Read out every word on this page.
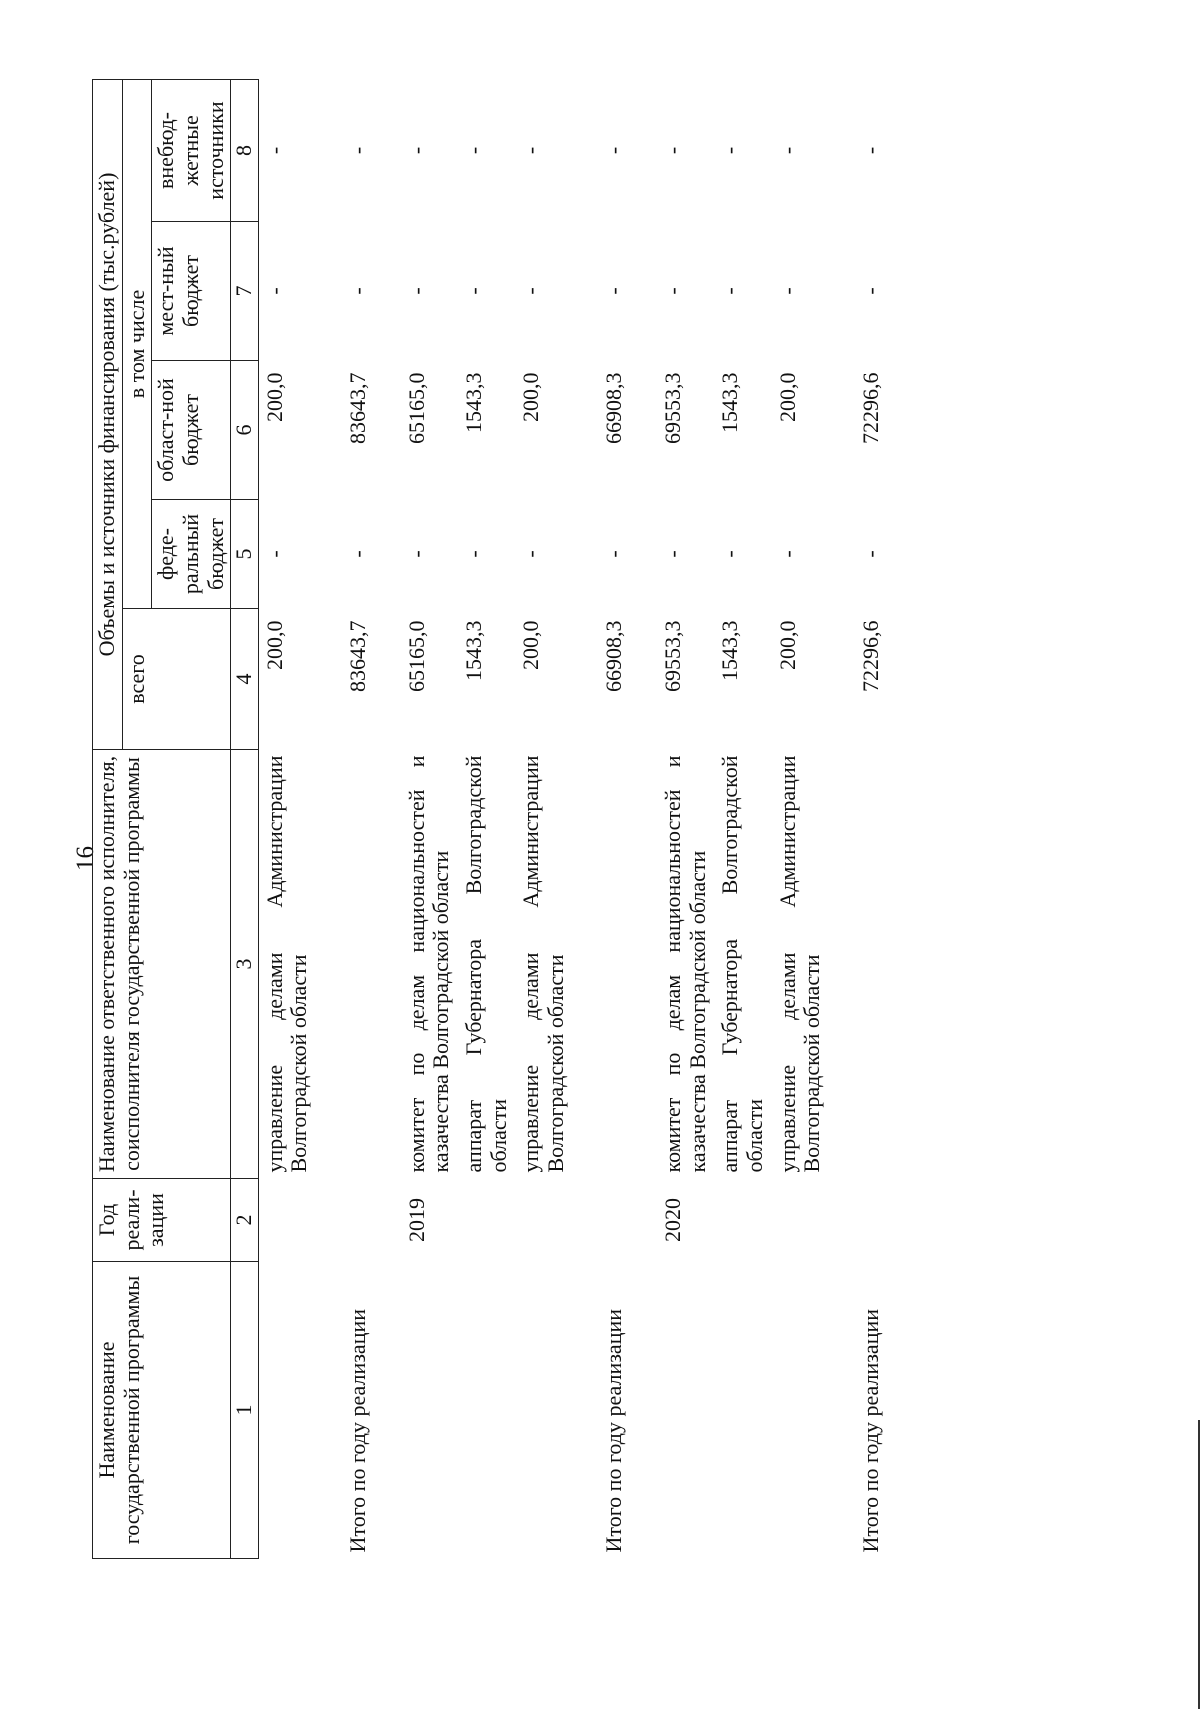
16
Наименование государственной программы	Год реали-зации	Наименование ответственного исполнителя, соисполнителя государственной программы	Объемы и источники финансирования (тыс.рублей)				
			всего	в том числе			
				феде-ральный бюджет	област-ной бюджет	мест-ный бюджет	внебюд-жетные источники
1	2	3	4	5	6	7	8
		управление делами Администрации Волгоградской области	200,0	-	200,0	-	-
Итого по году реализации			83643,7	-	83643,7	-	-
	2019	комитет по делам национальностей и казачества Волгоградской области	65165,0	-	65165,0	-	-
		аппарат Губернатора Волгоградской области	1543,3	-	1543,3	-	-
		управление делами Администрации Волгоградской области	200,0	-	200,0	-	-
Итого по году реализации			66908,3	-	66908,3	-	-
	2020	комитет по делам национальностей и казачества Волгоградской области	69553,3	-	69553,3	-	-
		аппарат Губернатора Волгоградской области	1543,3	-	1543,3	-	-
		управление делами Администрации Волгоградской области	200,0	-	200,0	-	-
Итого по году реализации			72296,6	-	72296,6	-	-
